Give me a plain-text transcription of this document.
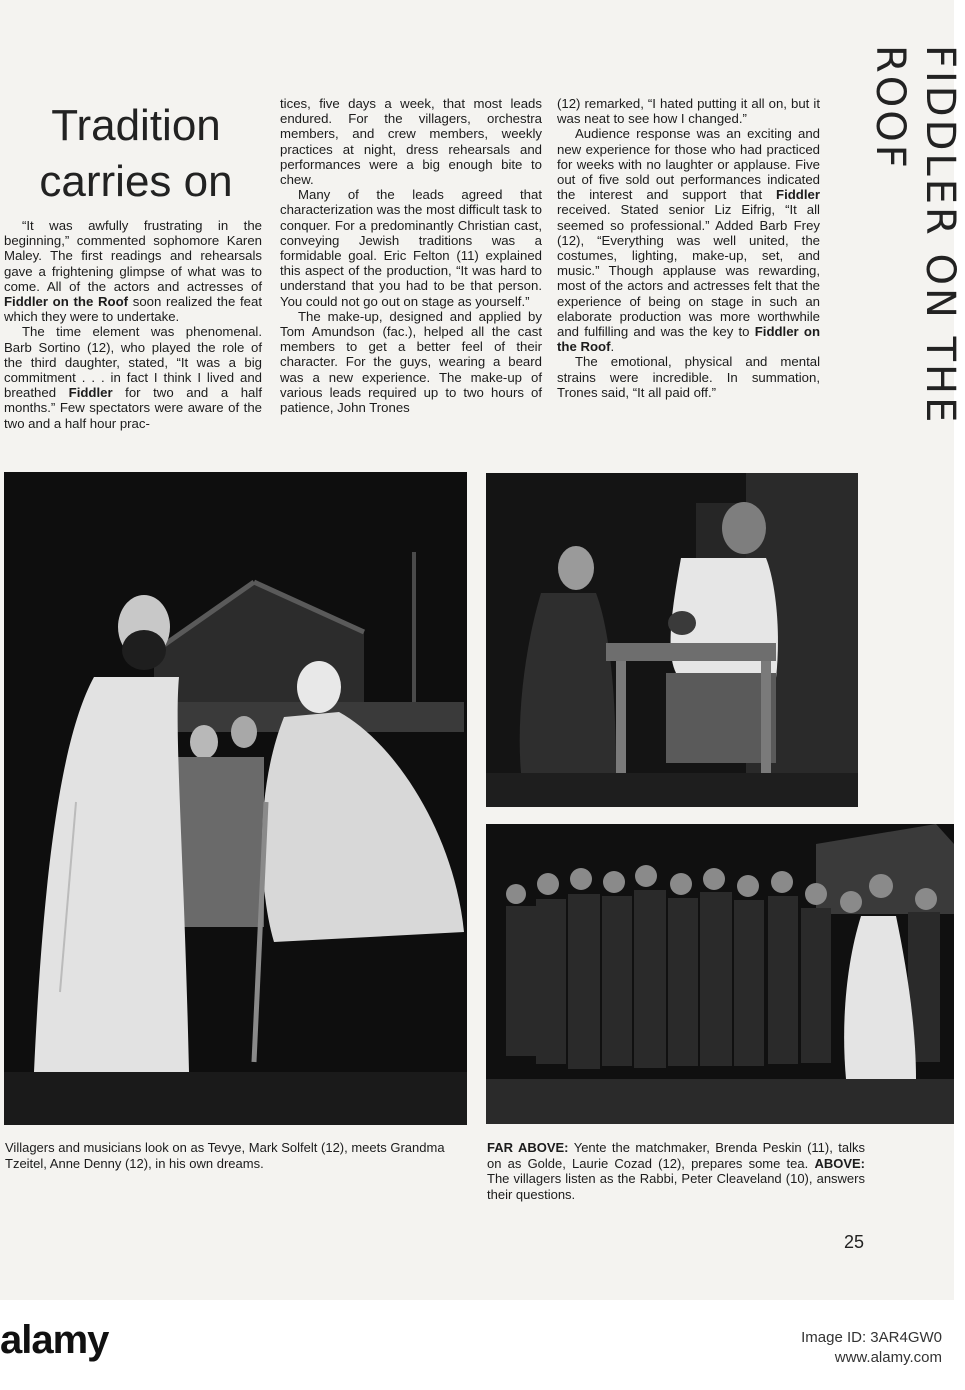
Tradition carries on

“It was awfully frustrating in the beginning,” commented sophomore Karen Maley. The first readings and rehearsals gave a frightening glimpse of what was to come. All of the actors and actresses of Fiddler on the Roof soon realized the feat which they were to undertake.

The time element was phenomenal. Barb Sortino (12), who played the role of the third daughter, stated, “It was a big commitment . . . in fact I think I lived and breathed Fiddler for two and a half months.” Few spectators were aware of the two and a half hour prac-

tices, five days a week, that most leads endured. For the villagers, orchestra members, and crew members, weekly practices at night, dress rehearsals and performances were a big enough bite to chew.

Many of the leads agreed that characterization was the most difficult task to conquer. For a predominantly Christian cast, conveying Jewish traditions was a formidable goal. Eric Felton (11) explained this aspect of the production, “It was hard to understand that you had to be that person. You could not go out on stage as yourself.”

The make-up, designed and applied by Tom Amundson (fac.), helped all the cast members to get a better feel of their character. For the guys, wearing a beard was a new experience. The make-up of various leads required up to two hours of patience, John Trones

(12) remarked, “I hated putting it all on, but it was neat to see how I changed.”

Audience response was an exciting and new experience for those who had practiced for weeks with no laughter or applause. Five out of five sold out performances indicated the interest and support that Fiddler received. Stated senior Liz Eifrig, “It all seemed so professional.” Added Barb Frey (12), “Everything was well united, the costumes, lighting, make-up, set, and music.” Though applause was rewarding, most of the actors and actresses felt that the experience of being on stage in such an elaborate production was more worthwhile and fulfilling and was the key to Fiddler on the Roof.

The emotional, physical and mental strains were incredible. In summation, Trones said, “It all paid off.”	FIDDLER ON THE ROOF
Villagers and musicians look on as Tevye, Mark Solfelt (12), meets Grandma Tzeitel, Anne Denny (12), in his own dreams.
FAR ABOVE: Yente the matchmaker, Brenda Peskin (11), talks on as Golde, Laurie Cozad (12), prepares some tea. ABOVE: The villagers listen as the Rabbi, Peter Cleaveland (10), answers their questions.
25
alamy	Image ID: 3AR4GW0
www.alamy.com
